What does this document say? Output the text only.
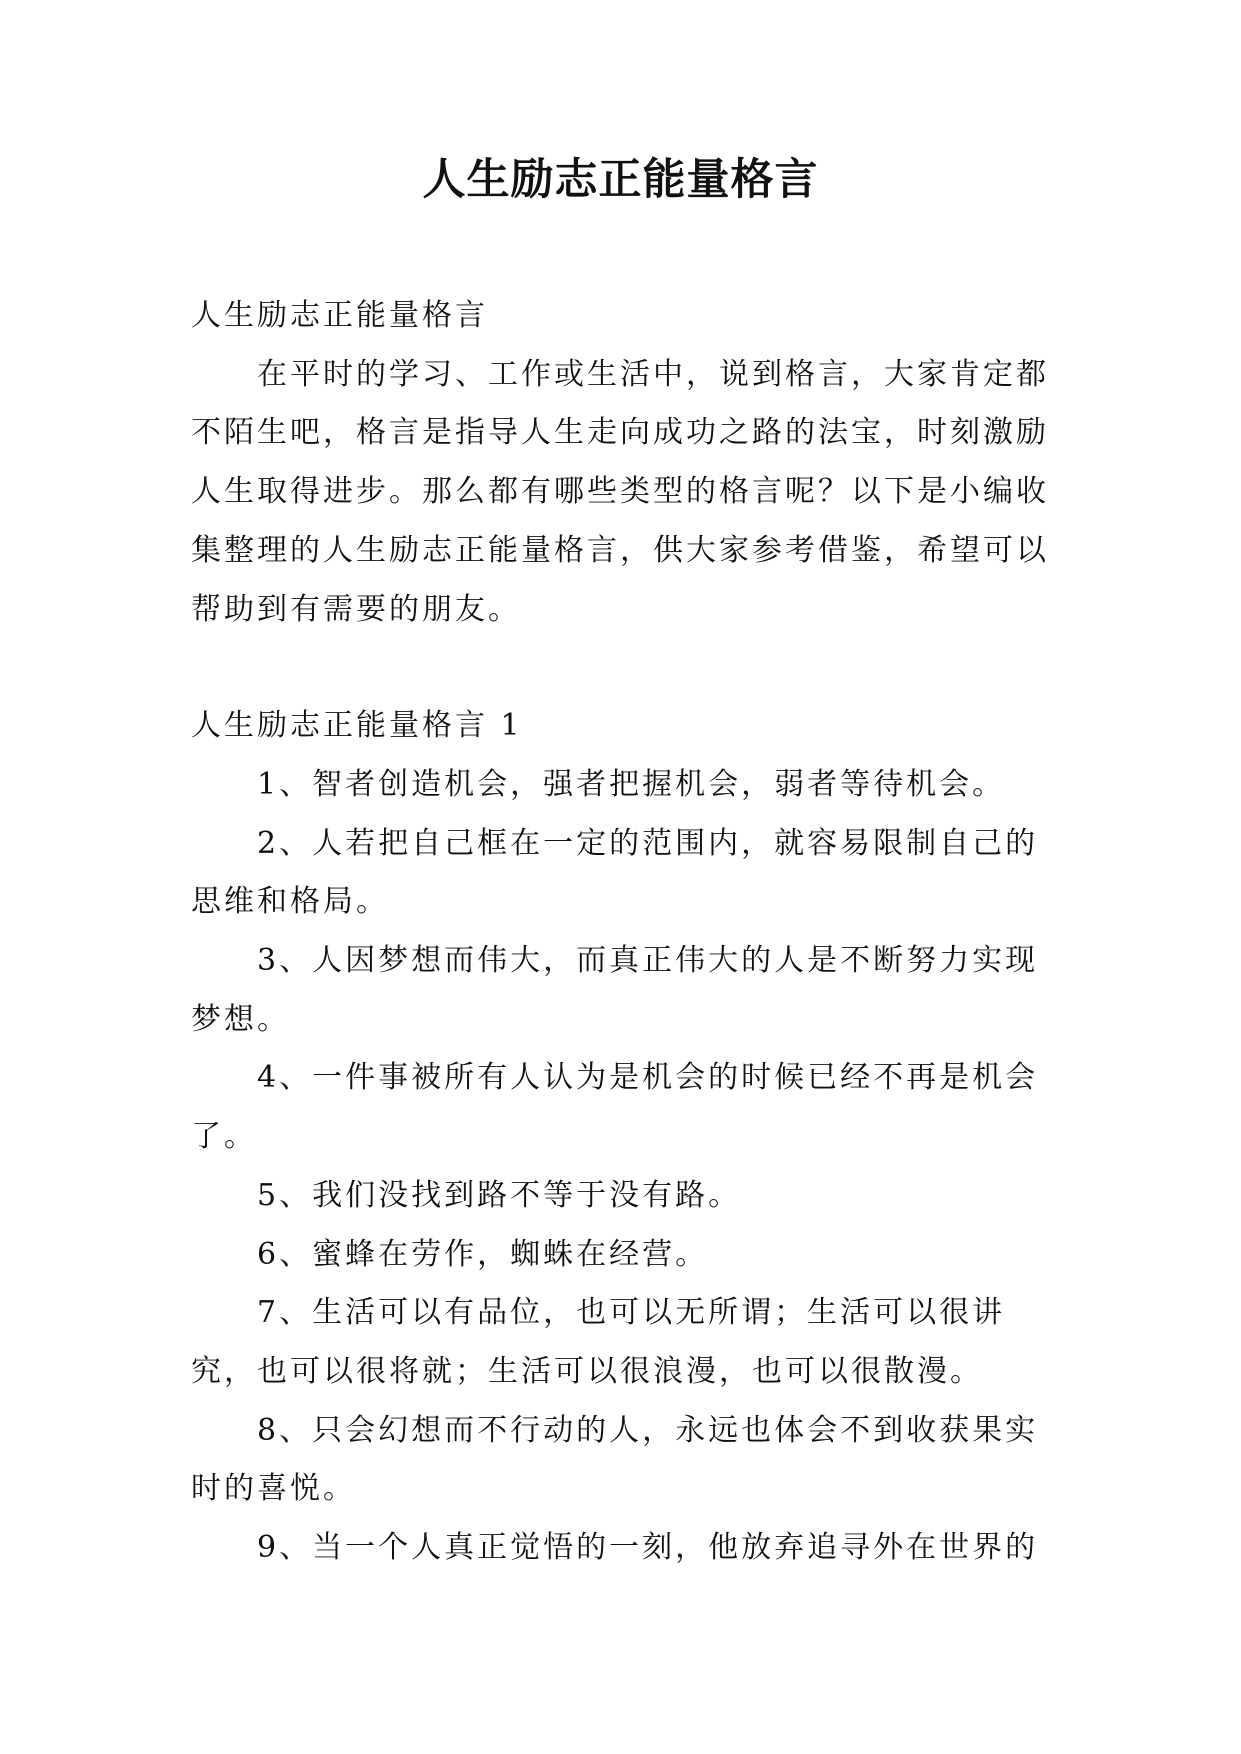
人生励志正能量格言

人生励志正能量格言

在平时的学习、工作或生活中，说到格言，大家肯定都不陌生吧，格言是指导人生走向成功之路的法宝，时刻激励人生取得进步。那么都有哪些类型的格言呢？以下是小编收集整理的人生励志正能量格言，供大家参考借鉴，希望可以帮助到有需要的朋友。

人生励志正能量格言 1

1、智者创造机会，强者把握机会，弱者等待机会。

2、人若把自己框在一定的范围内，就容易限制自己的思维和格局。

3、人因梦想而伟大，而真正伟大的人是不断努力实现梦想。

4、一件事被所有人认为是机会的时候已经不再是机会了。

5、我们没找到路不等于没有路。

6、蜜蜂在劳作，蜘蛛在经营。

7、生活可以有品位，也可以无所谓；生活可以很讲究，也可以很将就；生活可以很浪漫，也可以很散漫。

8、只会幻想而不行动的人，永远也体会不到收获果实时的喜悦。

9、当一个人真正觉悟的一刻，他放弃追寻外在世界的
